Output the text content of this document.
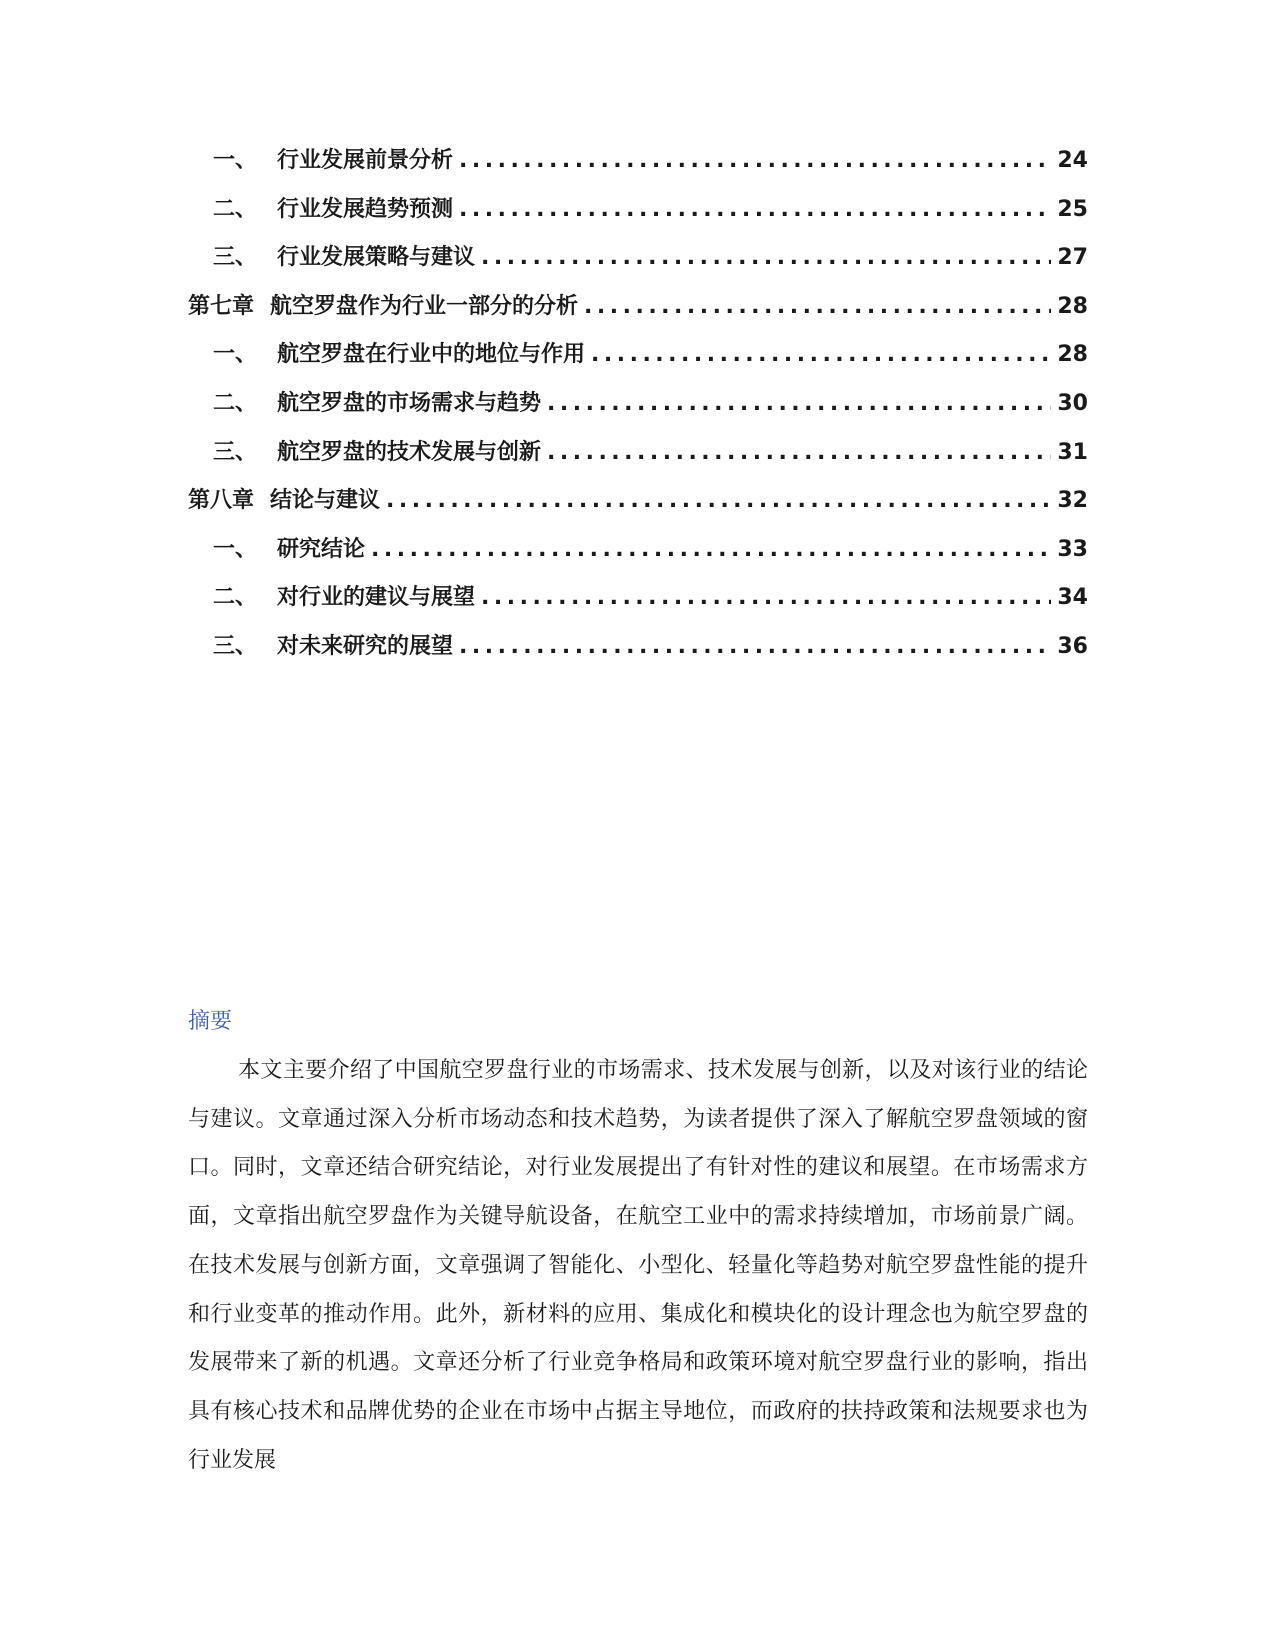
一、 行业发展前景分析 .....	24
二、 行业发展趋势预测 .....	25
三、 行业发展策略与建议 .....	27
第七章 航空罗盘作为行业一部分的分析 .....	28
一、 航空罗盘在行业中的地位与作用 .....	28
二、 航空罗盘的市场需求与趋势 .....	30
三、 航空罗盘的技术发展与创新 .....	31
第八章 结论与建议 .....	32
一、 研究结论 .....	33
二、 对行业的建议与展望 .....	34
三、 对未来研究的展望 .....	36
摘要

本文主要介绍了中国航空罗盘行业的市场需求、技术发展与创新，以及对该行业的结论与建议。文章通过深入分析市场动态和技术趋势，为读者提供了深入了解航空罗盘领域的窗口。同时，文章还结合研究结论，对行业发展提出了有针对性的建议和展望。在市场需求方面，文章指出航空罗盘作为关键导航设备，在航空工业中的需求持续增加，市场前景广阔。在技术发展与创新方面，文章强调了智能化、小型化、轻量化等趋势对航空罗盘性能的提升和行业变革的推动作用。此外，新材料的应用、集成化和模块化的设计理念也为航空罗盘的发展带来了新的机遇。文章还分析了行业竞争格局和政策环境对航空罗盘行业的影响，指出具有核心技术和品牌优势的企业在市场中占据主导地位，而政府的扶持政策和法规要求也为行业发展
